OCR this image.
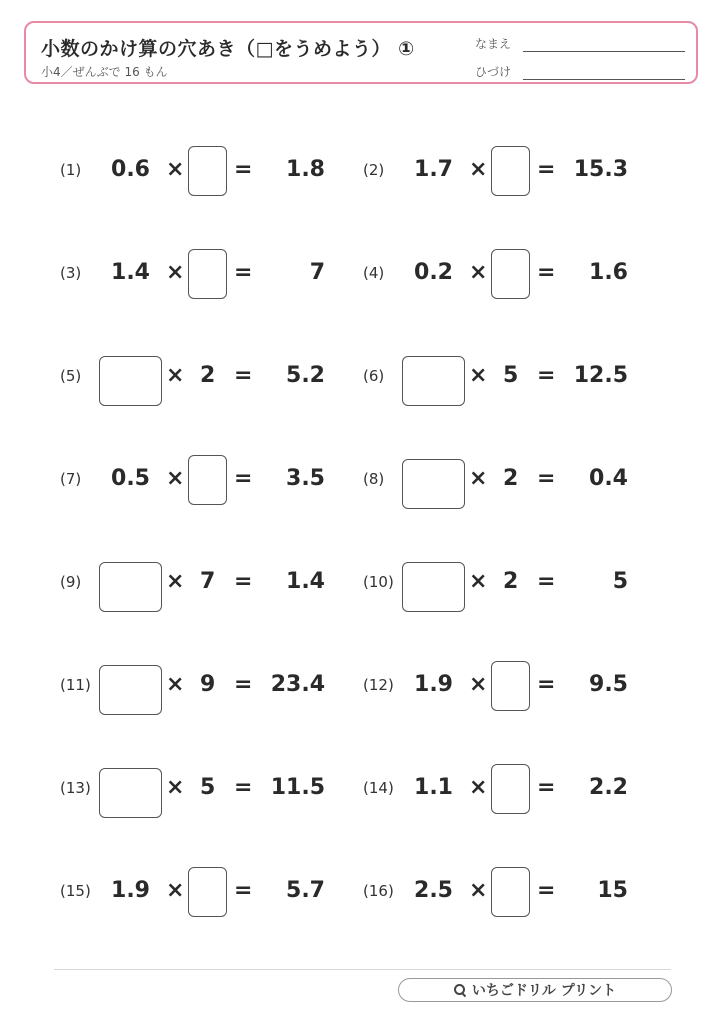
小数のかけ算の穴あき（□をうめよう） ①
小4／ぜんぶで 16 もん
なまえ
ひづけ
(1)	0.6 × =	1.8	(2)	1.7 × = 15.3
(3)	1.4 × =	7	(4)	0.2 × =	1.6
(5)	× 2 =	5.2	(6)	× 5 = 12.5
(7)	0.5 × =	3.5	(8)	× 2 =	0.4
(9)	× 7 =	1.4	(10)	× 2 =	5
(11)	× 9 = 23.4	(12) 1.9 × =	9.5
(13)	× 5 = 11.5	(14) 1.1 × =	2.2
(15) 1.9 × =	5.7	(16) 2.5 × =	15
いちごドリル プリント
